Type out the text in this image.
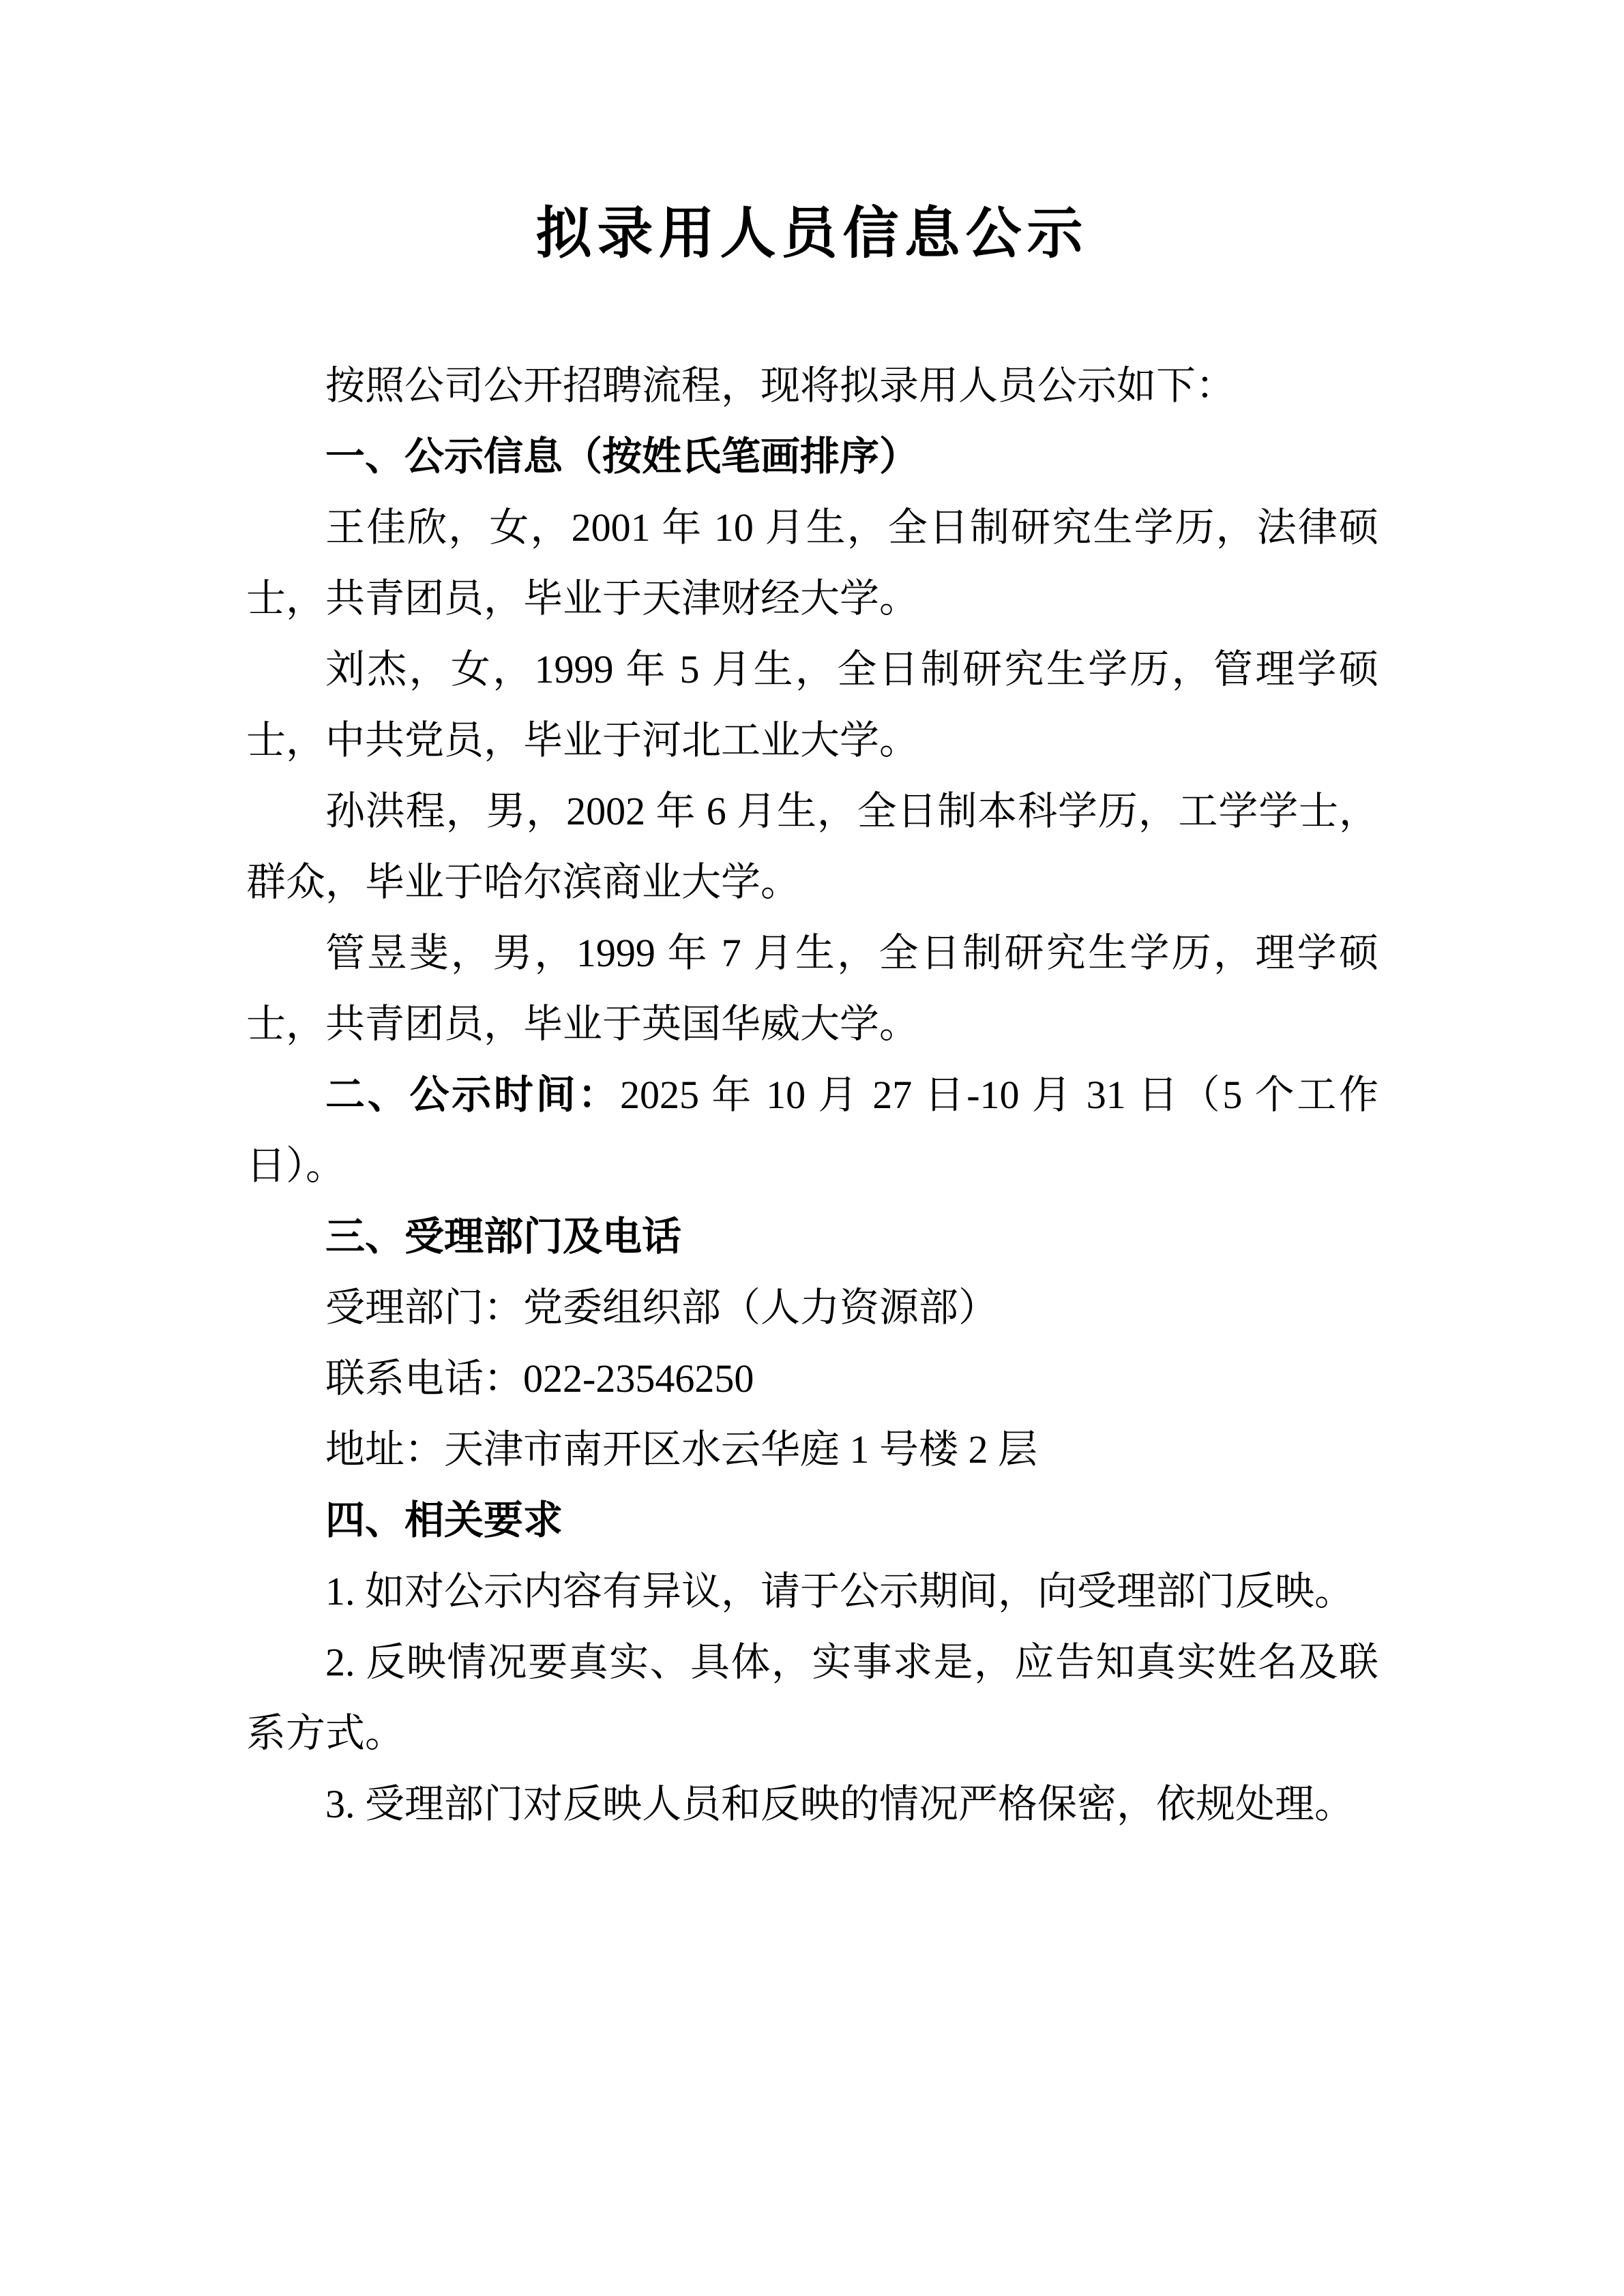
拟录用人员信息公示

按照公司公开招聘流程，现将拟录用人员公示如下：

一、公示信息（按姓氏笔画排序）

王佳欣，女，2001 年 10 月生，全日制研究生学历，法律硕士，共青团员，毕业于天津财经大学。

刘杰，女，1999 年 5 月生，全日制研究生学历，管理学硕士，中共党员，毕业于河北工业大学。

孙洪程，男，2002 年 6 月生，全日制本科学历，工学学士，群众，毕业于哈尔滨商业大学。

管昱斐，男，1999 年 7 月生，全日制研究生学历，理学硕士，共青团员，毕业于英国华威大学。

二、公示时间：2025 年 10 月 27 日-10 月 31 日（5 个工作日）。

三、受理部门及电话

受理部门：党委组织部（人力资源部）

联系电话：022-23546250

地址：天津市南开区水云华庭 1 号楼 2 层

四、相关要求

1. 如对公示内容有异议，请于公示期间，向受理部门反映。

2. 反映情况要真实、具体，实事求是，应告知真实姓名及联系方式。

3. 受理部门对反映人员和反映的情况严格保密，依规处理。
